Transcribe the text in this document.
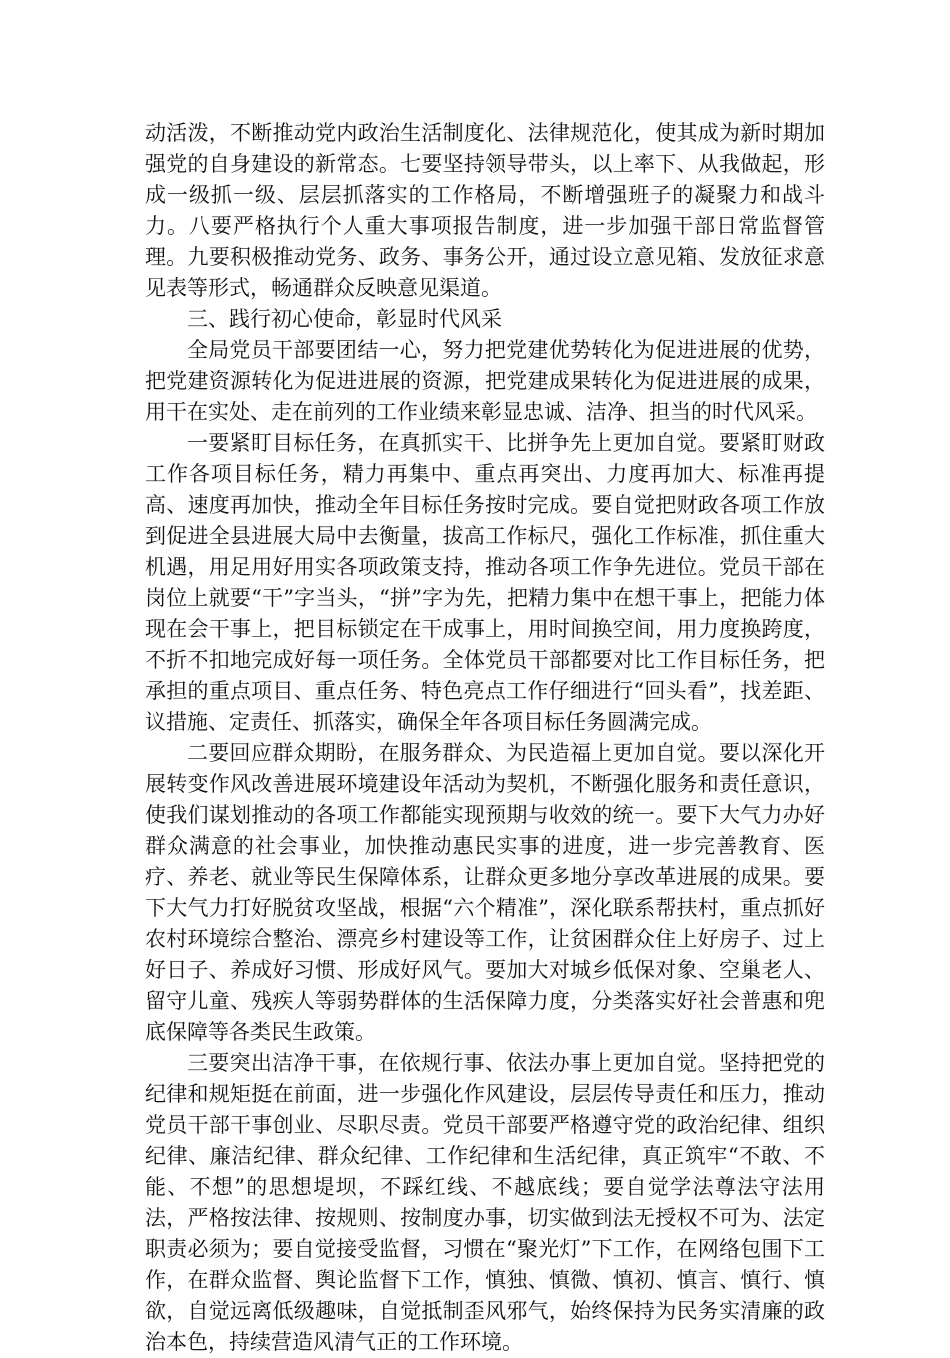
动活泼，不断推动党内政治生活制度化、法律规范化，使其成为新时期加强党的自身建设的新常态。七要坚持领导带头，以上率下、从我做起，形成一级抓一级、层层抓落实的工作格局，不断增强班子的凝聚力和战斗力。八要严格执行个人重大事项报告制度，进一步加强干部日常监督管理。九要积极推动党务、政务、事务公开，通过设立意见箱、发放征求意见表等形式，畅通群众反映意见渠道。

三、践行初心使命，彰显时代风采

全局党员干部要团结一心，努力把党建优势转化为促进进展的优势，把党建资源转化为促进进展的资源，把党建成果转化为促进进展的成果，用干在实处、走在前列的工作业绩来彰显忠诚、洁净、担当的时代风采。

一要紧盯目标任务，在真抓实干、比拼争先上更加自觉。要紧盯财政工作各项目标任务，精力再集中、重点再突出、力度再加大、标准再提高、速度再加快，推动全年目标任务按时完成。要自觉把财政各项工作放到促进全县进展大局中去衡量，拔高工作标尺，强化工作标准，抓住重大机遇，用足用好用实各项政策支持，推动各项工作争先进位。党员干部在岗位上就要“干”字当头，“拼”字为先，把精力集中在想干事上，把能力体现在会干事上，把目标锁定在干成事上，用时间换空间，用力度换跨度，不折不扣地完成好每一项任务。全体党员干部都要对比工作目标任务，把承担的重点项目、重点任务、特色亮点工作仔细进行“回头看”，找差距、议措施、定责任、抓落实，确保全年各项目标任务圆满完成。

二要回应群众期盼，在服务群众、为民造福上更加自觉。要以深化开展转变作风改善进展环境建设年活动为契机，不断强化服务和责任意识，使我们谋划推动的各项工作都能实现预期与收效的统一。要下大气力办好群众满意的社会事业，加快推动惠民实事的进度，进一步完善教育、医疗、养老、就业等民生保障体系，让群众更多地分享改革进展的成果。要下大气力打好脱贫攻坚战，根据“六个精准”，深化联系帮扶村，重点抓好农村环境综合整治、漂亮乡村建设等工作，让贫困群众住上好房子、过上好日子、养成好习惯、形成好风气。要加大对城乡低保对象、空巢老人、留守儿童、残疾人等弱势群体的生活保障力度，分类落实好社会普惠和兜底保障等各类民生政策。

三要突出洁净干事，在依规行事、依法办事上更加自觉。坚持把党的纪律和规矩挺在前面，进一步强化作风建设，层层传导责任和压力，推动党员干部干事创业、尽职尽责。党员干部要严格遵守党的政治纪律、组织纪律、廉洁纪律、群众纪律、工作纪律和生活纪律，真正筑牢“不敢、不能、不想”的思想堤坝，不踩红线、不越底线；要自觉学法尊法守法用法，严格按法律、按规则、按制度办事，切实做到法无授权不可为、法定职责必须为；要自觉接受监督，习惯在“聚光灯”下工作，在网络包围下工作，在群众监督、舆论监督下工作，慎独、慎微、慎初、慎言、慎行、慎欲，自觉远离低级趣味，自觉抵制歪风邪气，始终保持为民务实清廉的政治本色，持续营造风清气正的工作环境。
